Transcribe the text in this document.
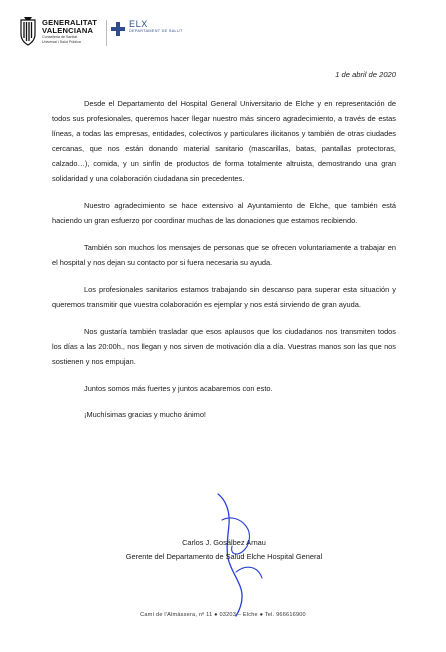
GENERALITAT
VALENCIANA
Conselleria de Sanitat
Universal i Salut Pública
ELX
DEPARTAMENT DE SALUT
1 de abril de 2020

Desde el Departamento del Hospital General Universitario de Elche y en representación de todos sus profesionales, queremos hacer llegar nuestro más sincero agradecimiento, a través de estas líneas, a todas las empresas, entidades, colectivos y particulares ilicitanos y también de otras ciudades cercanas, que nos están donando material sanitario (mascarillas, batas, pantallas protectoras, calzado…), comida, y un sinfín de productos de forma totalmente altruista, demostrando una gran solidaridad y una colaboración ciudadana sin precedentes.

Nuestro agradecimiento se hace extensivo al Ayuntamiento de Elche, que también está haciendo un gran esfuerzo por coordinar muchas de las donaciones que estamos recibiendo.

También son muchos los mensajes de personas que se ofrecen voluntariamente a trabajar en el hospital y nos dejan su contacto por si fuera necesaria su ayuda.

Los profesionales sanitarios estamos trabajando sin descanso para superar esta situación y queremos transmitir que vuestra colaboración es ejemplar y nos está sirviendo de gran ayuda.

Nos gustaría también trasladar que esos aplausos que los ciudadanos nos transmiten todos los días a las 20:00h., nos llegan y nos sirven de motivación día a día. Vuestras manos son las que nos sostienen y nos empujan.

Juntos somos más fuertes y juntos acabaremos con esto.

¡Muchísimas gracias y mucho ánimo!

Carlos J. Gosálbez Arnau
Gerente del Departamento de Salud Elche Hospital General
Camí de l'Almàssera, nº 11 ● 03203 – Elche ● Tel. 966616900
